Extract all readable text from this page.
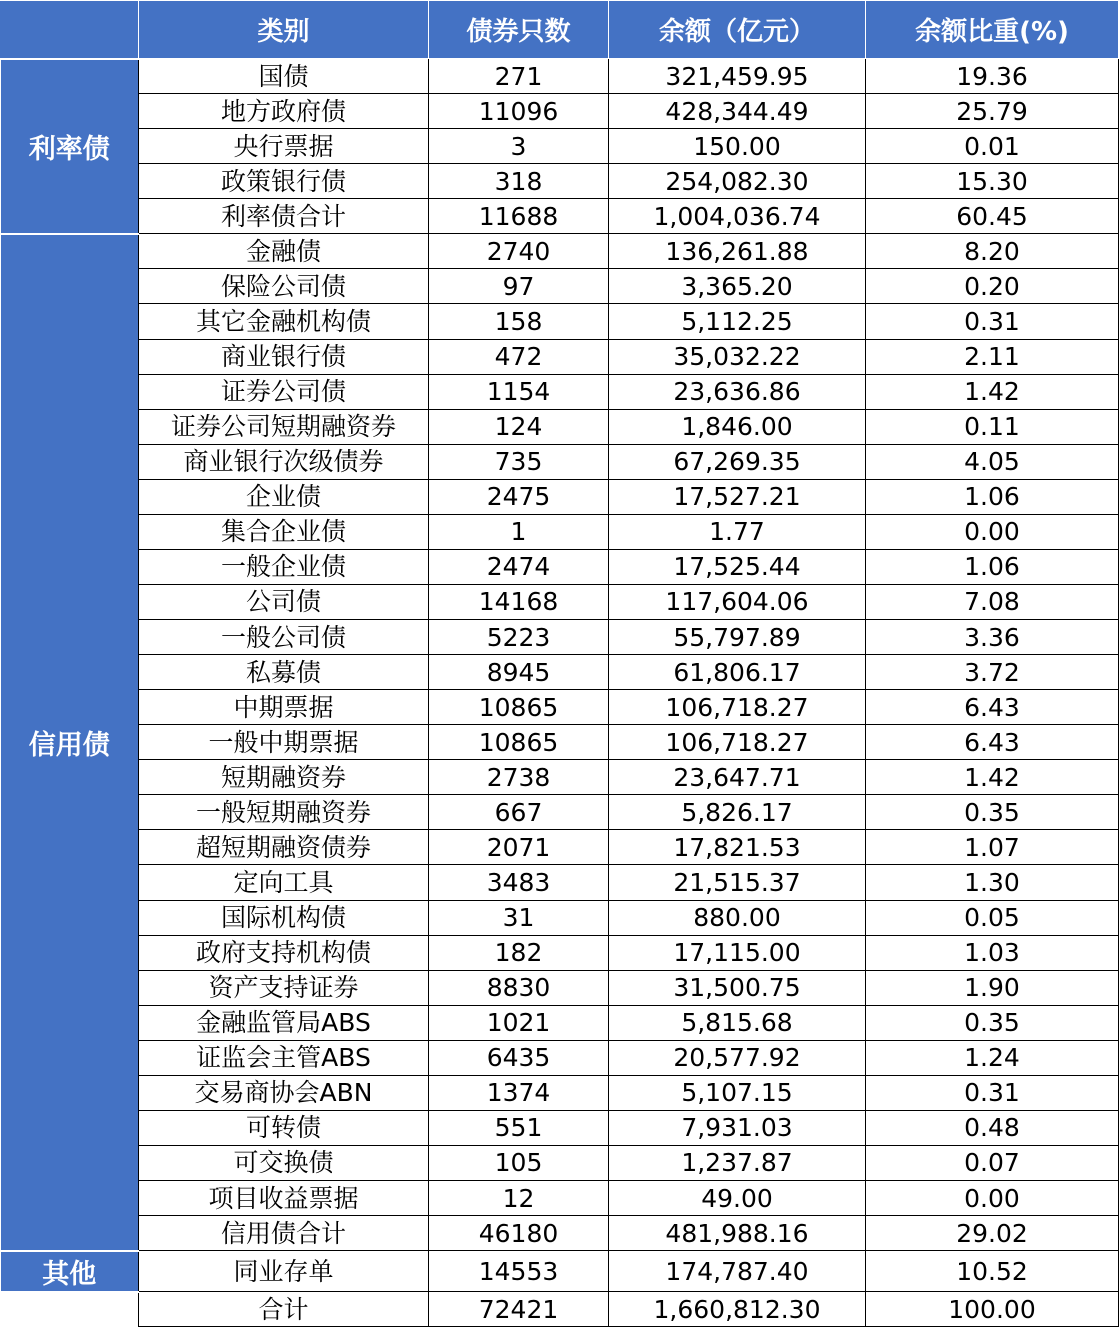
	类别	债券只数	余额（亿元）	余额比重(%)
利率债	国债	271	321,459.95	19.36
	地方政府债	11096	428,344.49	25.79
	央行票据	3	150.00	0.01
	政策银行债	318	254,082.30	15.30
	利率债合计	11688	1,004,036.74	60.45
信用债	金融债	2740	136,261.88	8.20
	保险公司债	97	3,365.20	0.20
	其它金融机构债	158	5,112.25	0.31
	商业银行债	472	35,032.22	2.11
	证券公司债	1154	23,636.86	1.42
	证券公司短期融资券	124	1,846.00	0.11
	商业银行次级债券	735	67,269.35	4.05
	企业债	2475	17,527.21	1.06
	集合企业债	1	1.77	0.00
	一般企业债	2474	17,525.44	1.06
	公司债	14168	117,604.06	7.08
	一般公司债	5223	55,797.89	3.36
	私募债	8945	61,806.17	3.72
	中期票据	10865	106,718.27	6.43
	一般中期票据	10865	106,718.27	6.43
	短期融资券	2738	23,647.71	1.42
	一般短期融资券	667	5,826.17	0.35
	超短期融资债券	2071	17,821.53	1.07
	定向工具	3483	21,515.37	1.30
	国际机构债	31	880.00	0.05
	政府支持机构债	182	17,115.00	1.03
	资产支持证券	8830	31,500.75	1.90
	金融监管局ABS	1021	5,815.68	0.35
	证监会主管ABS	6435	20,577.92	1.24
	交易商协会ABN	1374	5,107.15	0.31
	可转债	551	7,931.03	0.48
	可交换债	105	1,237.87	0.07
	项目收益票据	12	49.00	0.00
	信用债合计	46180	481,988.16	29.02
其他	同业存单	14553	174,787.40	10.52
	合计	72421	1,660,812.30	100.00
